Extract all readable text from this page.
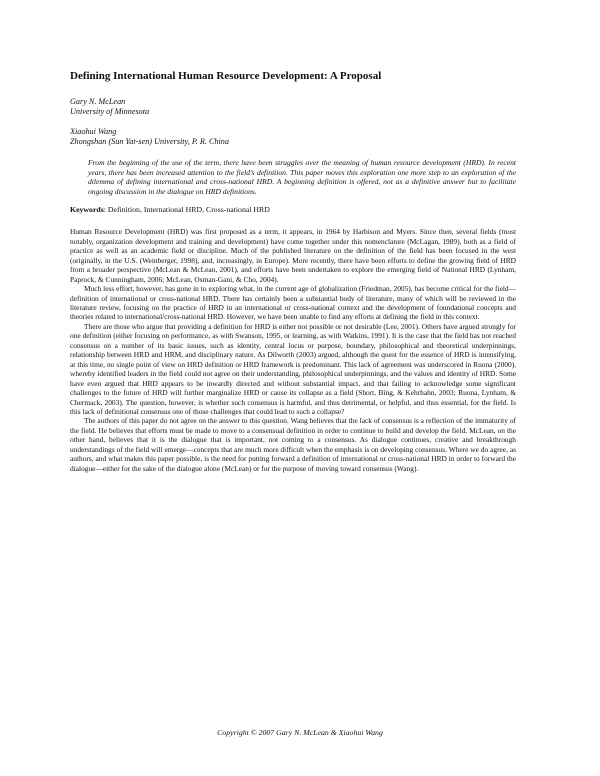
Defining International Human Resource Development: A Proposal
Gary N. McLean
University of Minnesota
Xiaohui Wang
Zhongshan (Sun Yat-sen) University, P. R. China
From the beginning of the use of the term, there have been struggles over the meaning of human resource development (HRD). In recent years, there has been increased attention to the field’s definition. This paper moves this exploration one more step to an exploration of the dilemma of defining international and cross-national HRD. A beginning definition is offered, not as a definitive answer but to facilitate ongoing discussion in the dialogue on HRD definitions.
Keywords: Definition, International HRD, Cross-national HRD

Human Resource Development (HRD) was first proposed as a term, it appears, in 1964 by Harbison and Myers. Since then, several fields (most notably, organization development and training and development) have come together under this nomenclature (McLagan, 1989), both as a field of practice as well as an academic field or discipline. Much of the published literature on the definition of the field has been focused in the west (originally, in the U.S. (Weinberger, 1998), and, increasingly, in Europe). More recently, there have been efforts to define the growing field of HRD from a broader perspective (McLean & McLean, 2001), and efforts have been undertaken to explore the emerging field of National HRD (Lynham, Paprock, & Cunningham, 2006; McLean, Osman-Gani, & Cho, 2004).

Much less effort, however, has gone in to exploring what, in the current age of globalization (Friedman, 2005), has become critical for the field—definition of international or cross-national HRD. There has certainly been a substantial body of literature, many of which will be reviewed in the literature review, focusing on the practice of HRD in an international or cross-national context and the development of foundational concepts and theories related to international/cross-national HRD. However, we have been unable to find any efforts at defining the field in this context.

There are those who argue that providing a definition for HRD is either not possible or not desirable (Lee, 2001). Others have argued strongly for one definition (either focusing on performance, as with Swanson, 1995, or learning, as with Watkins, 1991). It is the case that the field has not reached consensus on a number of its basic issues, such as identity, central locus or purpose, boundary, philosophical and theoretical underpinnings, relationship between HRD and HRM, and disciplinary nature. As Dilworth (2003) argued, although the quest for the essence of HRD is intensifying, at this time, no single point of view on HRD definition or HRD framework is predominant. This lack of agreement was underscored in Ruona (2000), whereby identified leaders in the field could not agree on their understanding, philosophical underpinnings, and the values and identity of HRD. Some have even argued that HRD appears to be inwardly directed and without substantial impact, and that failing to acknowledge some significant challenges to the future of HRD will further marginalize HRD or cause its collapse as a field (Short, Bing, & Kehrhahn, 2003; Ruona, Lynham, & Chermack, 2003). The question, however, is whether such consensus is harmful, and thus detrimental, or helpful, and thus essential, for the field. Is this lack of definitional consensus one of those challenges that could lead to such a collapse?

The authors of this paper do not agree on the answer to this question. Wang believes that the lack of consensus is a reflection of the immaturity of the field. He believes that efforts must be made to move to a consensual definition in order to continue to build and develop the field. McLean, on the other hand, believes that it is the dialogue that is important, not coming to a consensus. As dialogue continues, creative and breakthrough understandings of the field will emerge—concepts that are much more difficult when the emphasis is on developing consensus. Where we do agree, as authors, and what makes this paper possible, is the need for putting forward a definition of international or cross-national HRD in order to forward the dialogue—either for the sake of the dialogue alone (McLean) or for the purpose of moving toward consensus (Wang).

Copyright © 2007 Gary N. McLean & Xiaohui Wang
